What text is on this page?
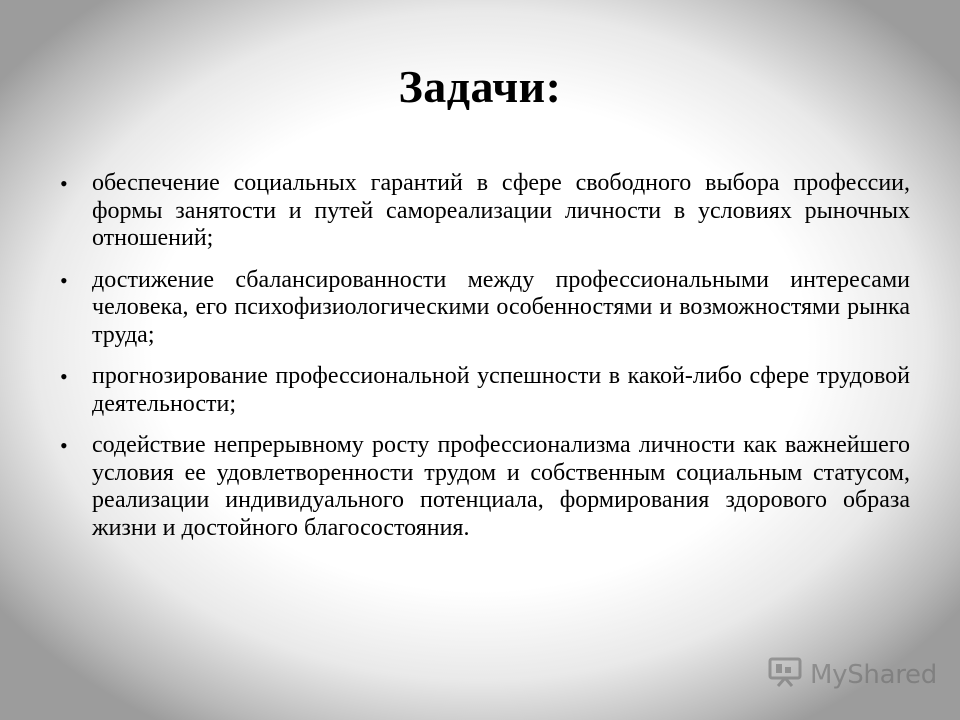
Задачи:
• обеспечение социальных гарантий в сфере свободного выбора профессии, формы занятости и путей самореализации личности в условиях рыночных отношений;
• достижение сбалансированности между профессиональными интересами человека, его психофизиологическими особенностями и возможностями рынка труда;
• прогнозирование профессиональной успешности в какой-либо сфере трудовой деятельности;
• содействие непрерывному росту профессионализма личности как важнейшего условия ее удовлетворенности трудом и собственным социальным статусом, реализации индивидуального потенциала, формирования здорового образа жизни и достойного благосостояния.
MyShared
